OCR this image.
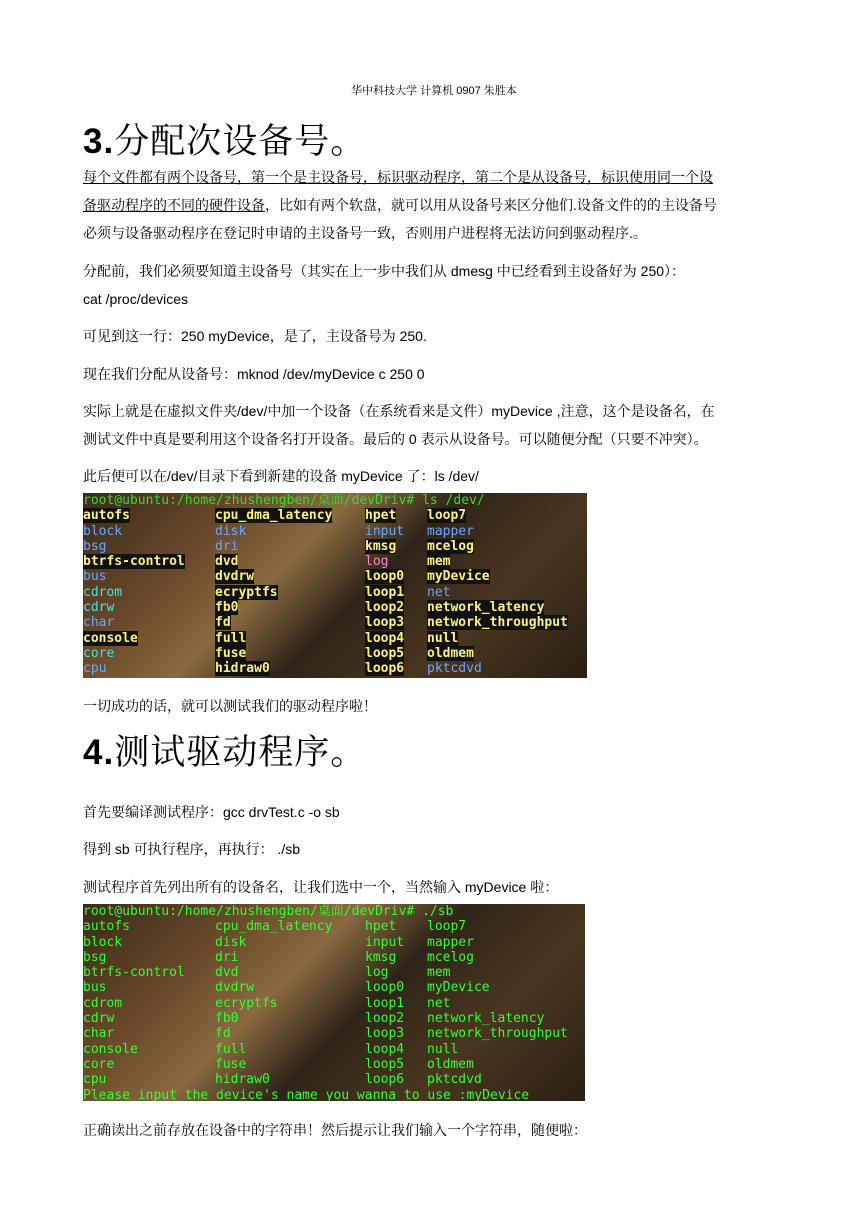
华中科技大学 计算机 0907 朱胜本
3.分配次设备号。
每个文件都有两个设备号，第一个是主设备号，标识驱动程序，第二个是从设备号，标识使用同一个设
备驱动程序的不同的硬件设备，比如有两个软盘，就可以用从设备号来区分他们.设备文件的的主设备号
必须与设备驱动程序在登记时申请的主设备号一致，否则用户进程将无法访问到驱动程序.。
分配前，我们必须要知道主设备号（其实在上一步中我们从 dmesg 中已经看到主设备好为 250）：
cat /proc/devices
可见到这一行：250 myDevice，是了，主设备号为 250.
现在我们分配从设备号：mknod /dev/myDevice c 250 0
实际上就是在虚拟文件夹/dev/中加一个设备（在系统看来是文件）myDevice ,注意，这个是设备名，在
测试文件中真是要利用这个设备名打开设备。最后的 0 表示从设备号。可以随便分配（只要不冲突）。
此后便可以在/dev/目录下看到新建的设备 myDevice 了：ls /dev/
root@ubuntu:/home/zhushengben/桌面/devDriv# ls /dev/
autofs	cpu_dma_latency	hpet loop7
block	disk	input mapper
bsg	dri	kmsg mcelog
btrfs-control dvd	log	mem
bus	dvdrw	loop0 myDevice
cdrom	ecryptfs	loop1 net
cdrw	fb0	loop2 network_latency
char	fd	loop3 network_throughput
console	full	loop4 null
core	fuse	loop5 oldmem
cpu	hidraw0	loop6 pktcdvd
一切成功的话，就可以测试我们的驱动程序啦！
4.测试驱动程序。
首先要编译测试程序：gcc drvTest.c -o sb
得到 sb 可执行程序，再执行： ./sb
测试程序首先列出所有的设备名，让我们选中一个，当然输入 myDevice 啦：
root@ubuntu:/home/zhushengben/桌面/devDriv# ./sb
autofs	cpu_dma_latency	hpet loop7
block	disk	input mapper
bsg	dri	kmsg mcelog
btrfs-control dvd	log	mem
bus	dvdrw	loop0 myDevice
cdrom	ecryptfs	loop1 net
cdrw	fb0	loop2 network_latency
char	fd	loop3 network_throughput
console	full	loop4 null
core	fuse	loop5 oldmem
cpu	hidraw0	loop6 pktcdvd
Please input the device's name you wanna to use :myDevice
正确读出之前存放在设备中的字符串！然后提示让我们输入一个字符串，随便啦：
